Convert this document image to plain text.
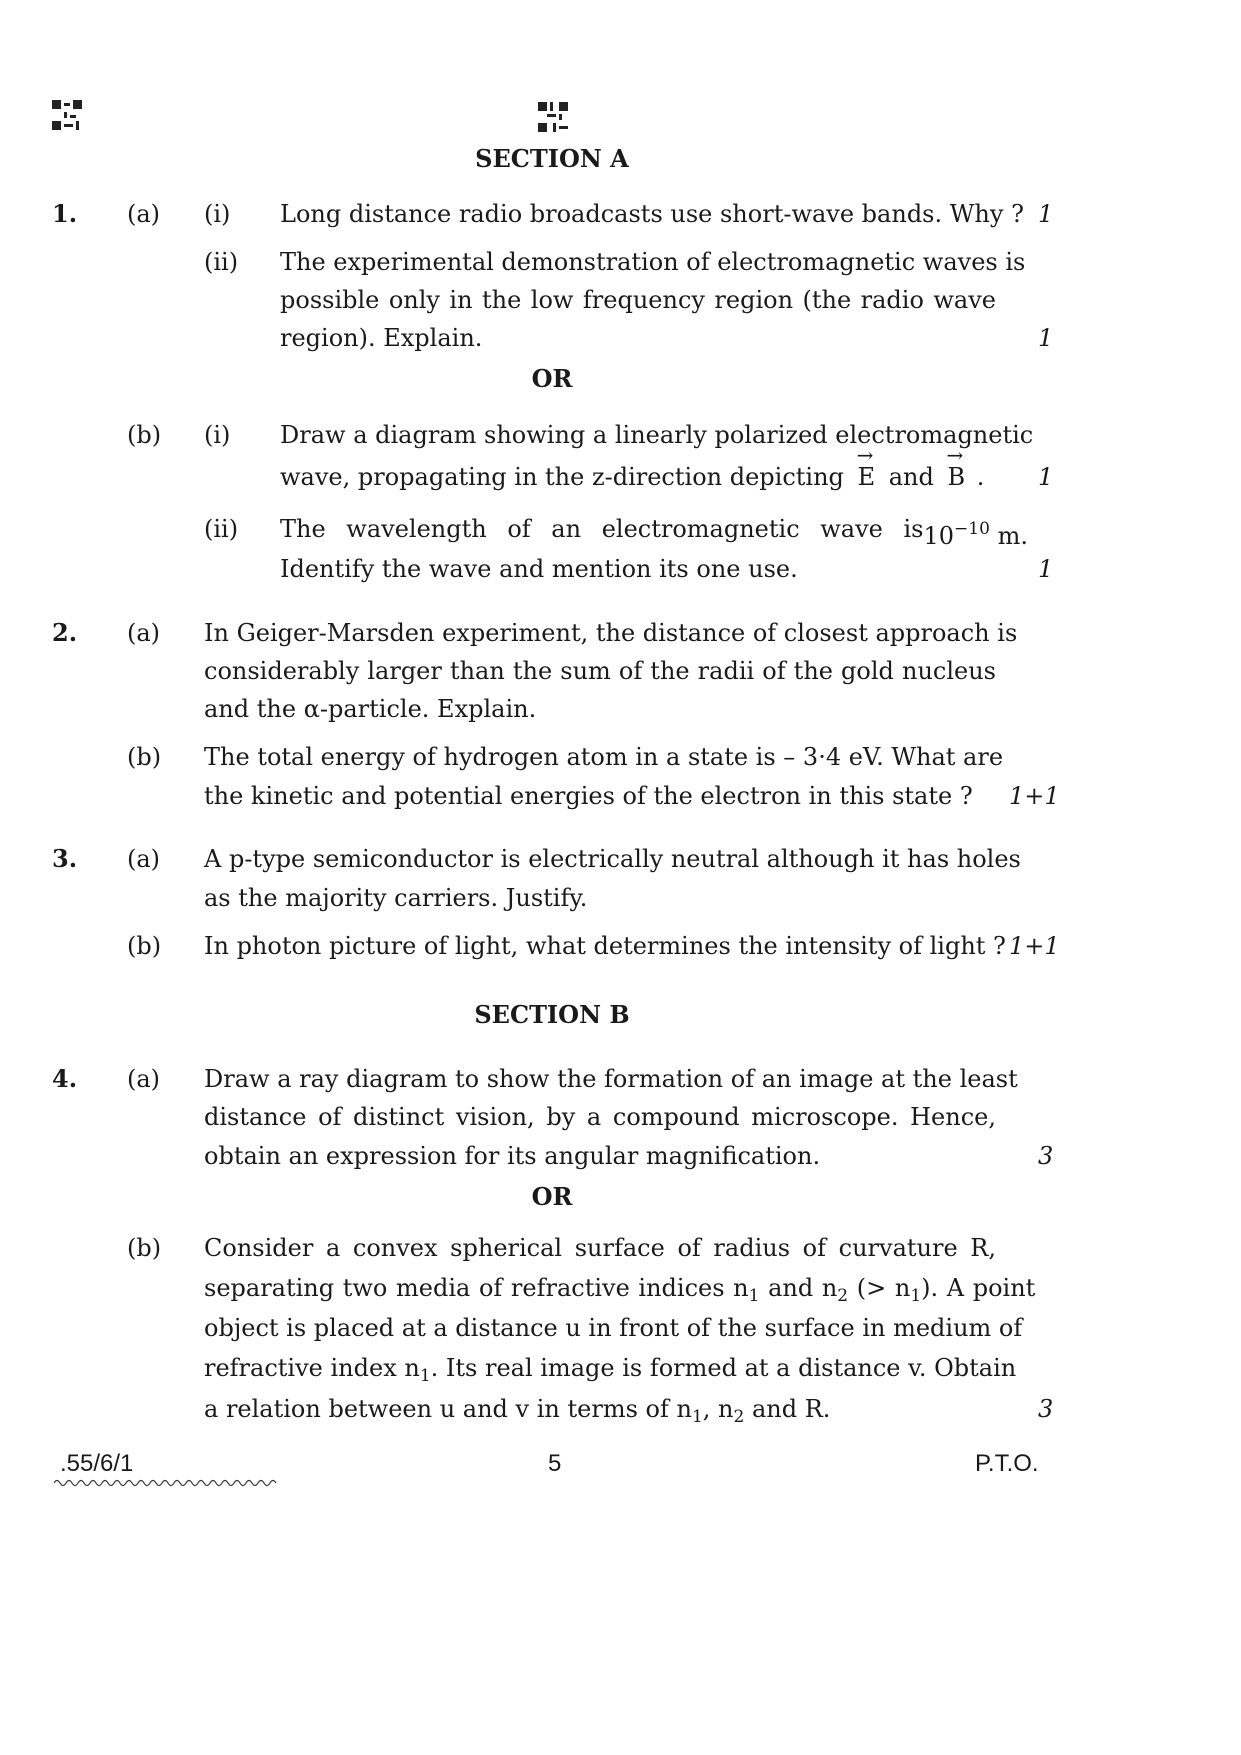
SECTION A
1. (a) (i) Long distance radio broadcasts use short-wave bands. Why ? 1
(ii) The experimental demonstration of electromagnetic waves is
possible only in the low frequency region (the radio wave
region). Explain.	1
OR
(b) (i) Draw a diagram showing a linearly polarized electromagnetic
wave, propagating in the z-direction depicting → E and → B . 1
(ii) The wavelength of an electromagnetic wave is $10^{-10}$ m.
Identify the wave and mention its one use.	1
2. (a) In Geiger-Marsden experiment, the distance of closest approach is
considerably larger than the sum of the radii of the gold nucleus
and the α-particle. Explain.
(b) The total energy of hydrogen atom in a state is – 3·4 eV. What are
the kinetic and potential energies of the electron in this state ? 1+1
3. (a) A p-type semiconductor is electrically neutral although it has holes
as the majority carriers. Justify.
(b) In photon picture of light, what determines the intensity of light ? 1+1
SECTION B
4. (a) Draw a ray diagram to show the formation of an image at the least
distance of distinct vision, by a compound microscope. Hence,
obtain an expression for its angular magnification.	3
OR
(b) Consider a convex spherical surface of radius of curvature R,
separating two media of refractive indices $n_1$ and $n_2$ (> $n_1$). A point
object is placed at a distance u in front of the surface in medium of
refractive index $n_1$. Its real image is formed at a distance v. Obtain
a relation between u and v in terms of $n_1$, $n_2$ and R.	3
.55/6/1	5	P.T.O.
